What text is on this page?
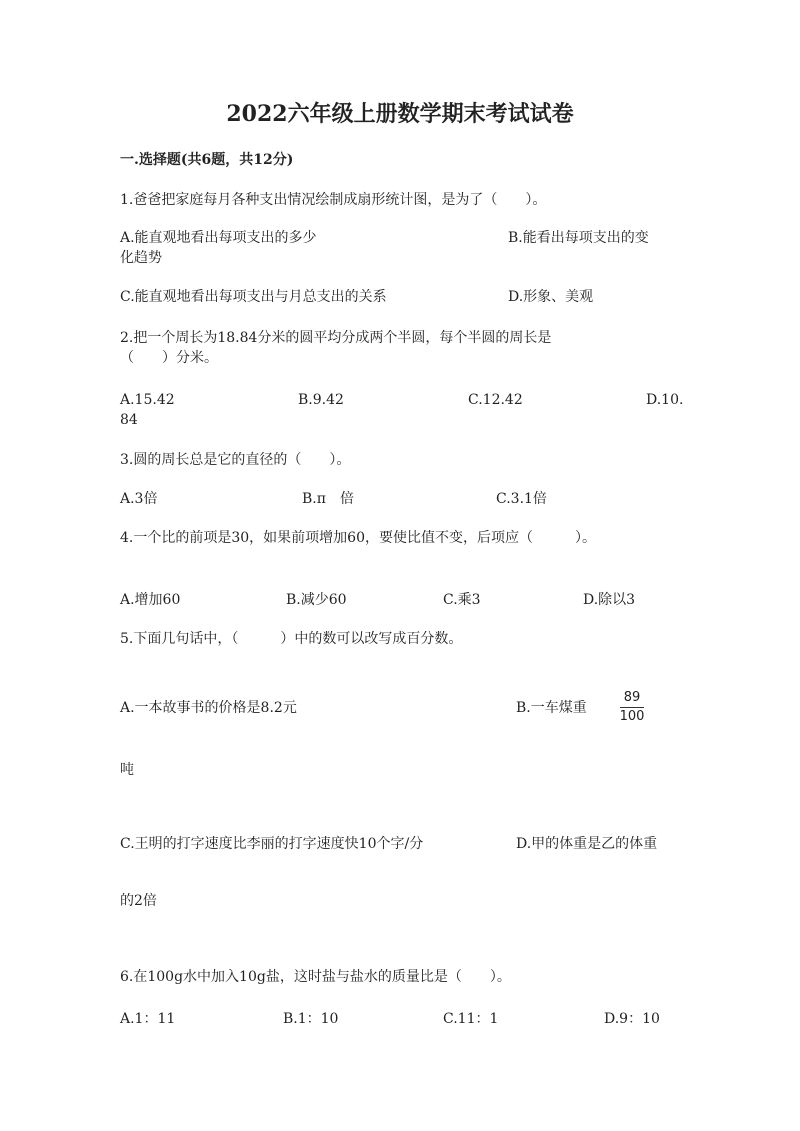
2022六年级上册数学期末考试试卷
一.选择题(共6题，共12分)
1.爸爸把家庭每月各种支出情况绘制成扇形统计图，是为了（　　）。
A.能直观地看出每项支出的多少	B.能看出每项支出的变
化趋势
C.能直观地看出每项支出与月总支出的关系	D.形象、美观
2.把一个周长为18.84分米的圆平均分成两个半圆，每个半圆的周长是
（　　）分米。
A.15.42	B.9.42	C.12.42	D.10.
84
3.圆的周长总是它的直径的（　　）。
A.3倍	B.π　倍	C.3.1倍
4.一个比的前项是30，如果前项增加60，要使比值不变，后项应（　　　）。
A.增加60	B.减少60	C.乘3	D.除以3
5.下面几句话中，（　　　）中的数可以改写成百分数。
A.一本故事书的价格是8.2元	B.一车煤重
89
100
吨
C.王明的打字速度比李丽的打字速度快10个字/分	D.甲的体重是乙的体重
的2倍
6.在100g水中加入10g盐，这时盐与盐水的质量比是（　　）。
A.1：11	B.1：10	C.11：1	D.9：10
